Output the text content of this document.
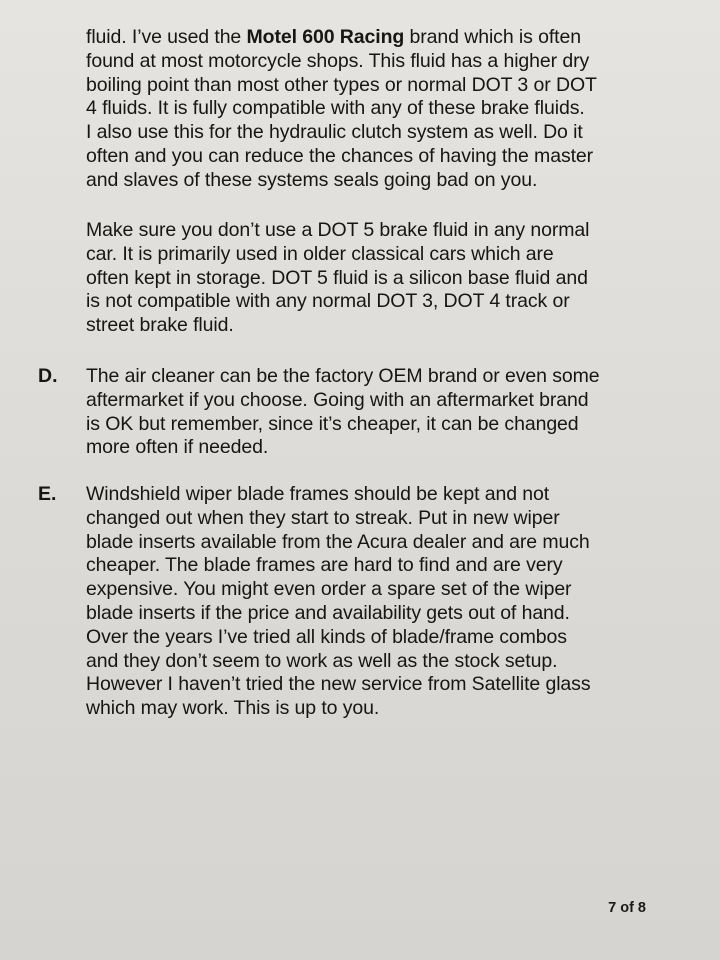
fluid. I’ve used the Motel 600 Racing brand which is often
found at most motorcycle shops. This fluid has a higher dry
boiling point than most other types or normal DOT 3 or DOT
4 fluids. It is fully compatible with any of these brake fluids.
I also use this for the hydraulic clutch system as well. Do it
often and you can reduce the chances of having the master
and slaves of these systems seals going bad on you.

Make sure you don’t use a DOT 5 brake fluid in any normal
car. It is primarily used in older classical cars which are
often kept in storage. DOT 5 fluid is a silicon base fluid and
is not compatible with any normal DOT 3, DOT 4 track or
street brake fluid.

D. The air cleaner can be the factory OEM brand or even some
aftermarket if you choose. Going with an aftermarket brand
is OK but remember, since it’s cheaper, it can be changed
more often if needed.

E. Windshield wiper blade frames should be kept and not
changed out when they start to streak. Put in new wiper
blade inserts available from the Acura dealer and are much
cheaper. The blade frames are hard to find and are very
expensive. You might even order a spare set of the wiper
blade inserts if the price and availability gets out of hand.
Over the years I’ve tried all kinds of blade/frame combos
and they don’t seem to work as well as the stock setup.
However I haven’t tried the new service from Satellite glass
which may work. This is up to you.

7 of 8
